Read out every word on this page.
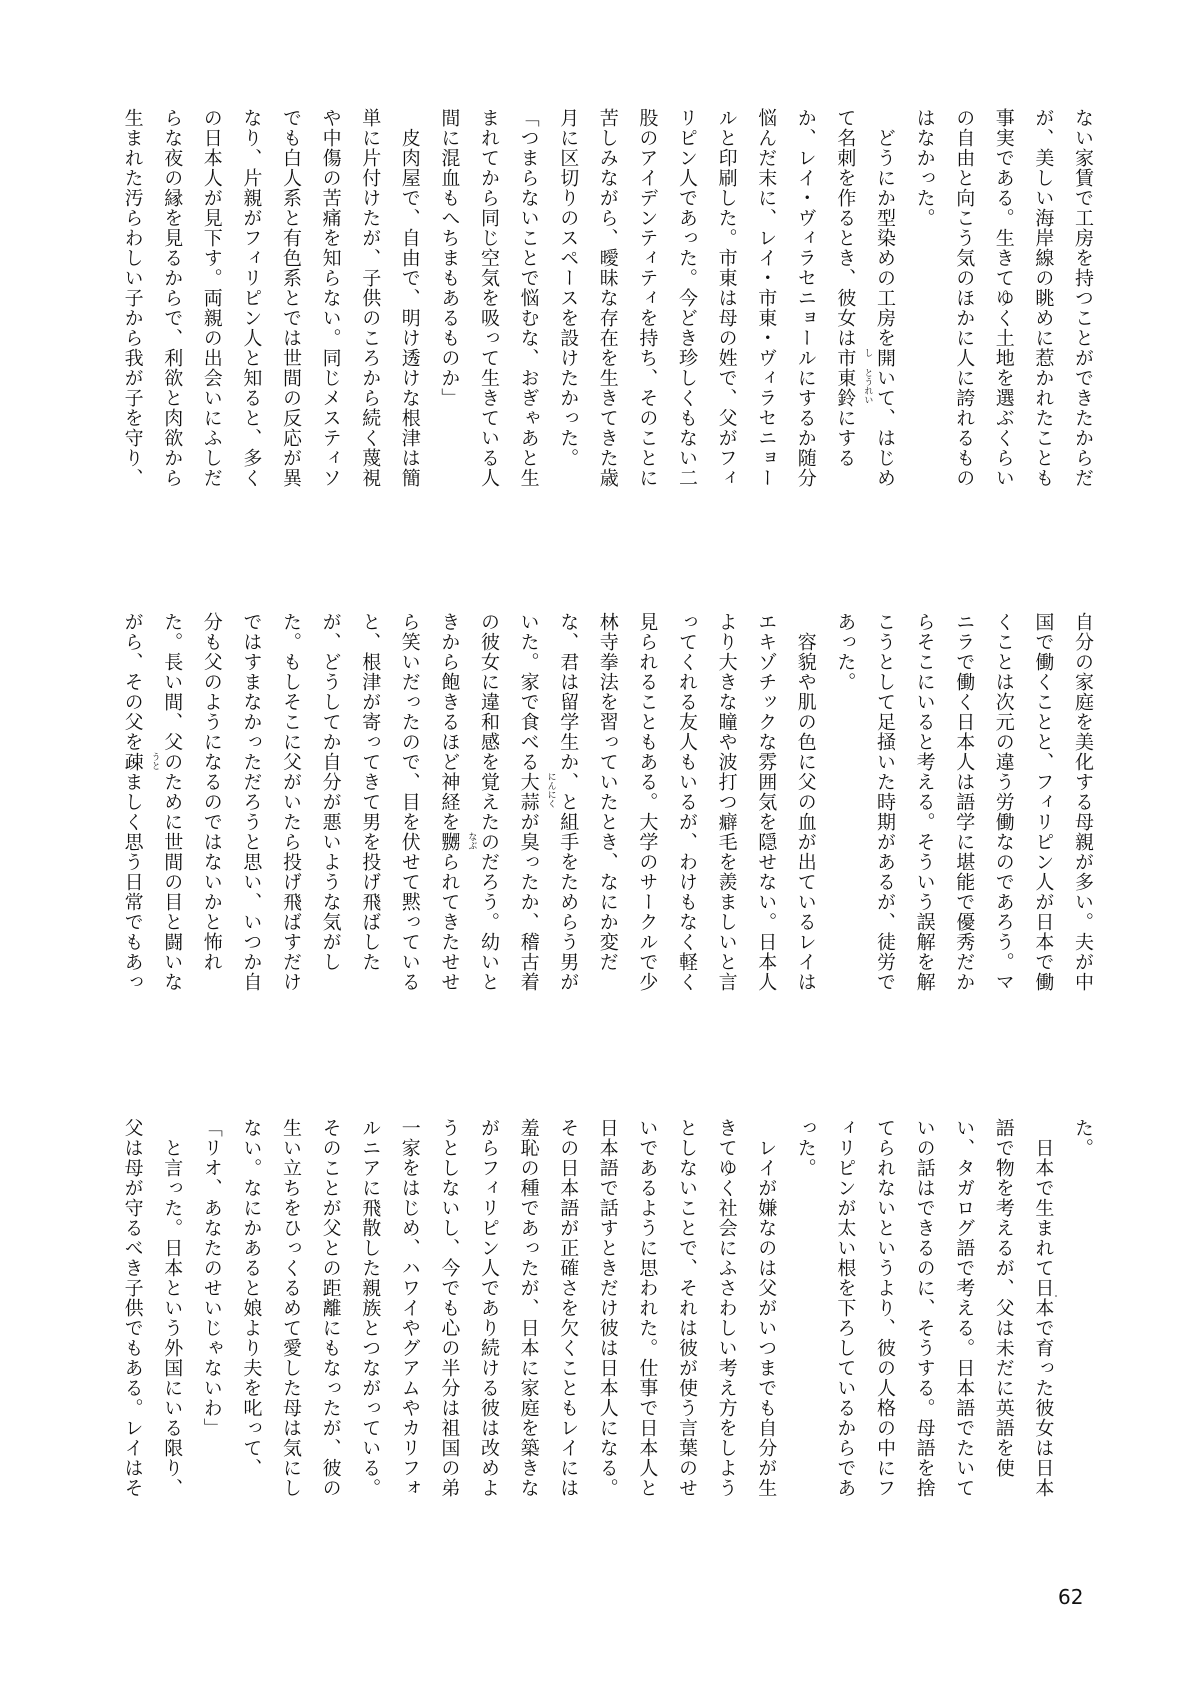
ない家賃で工房を持つことができたからだ
が、美しい海岸線の眺めに惹かれたことも
事実である。生きてゆく土地を選ぶくらい
の自由と向こう気のほかに人に誇れるもの
はなかった。
　どうにか型染めの工房を開いて、はじめ
て名刺を作るとき、彼女は市東鈴にする
か、レイ・ヴィラセニョールにするか随分
悩んだ末に、レイ・市東・ヴィラセニョー
ルと印刷した。市東は母の姓で、父がフィ
リピン人であった。今どき珍しくもない二
股のアイデンティティを持ち、そのことに
苦しみながら、曖昧な存在を生きてきた歳
月に区切りのスペースを設けたかった。
「つまらないことで悩むな、おぎゃあと生
まれてから同じ空気を吸って生きている人
間に混血もへちまもあるものか」
　皮肉屋で、自由で、明け透けな根津は簡
単に片付けたが、子供のころから続く蔑視
や中傷の苦痛を知らない。同じメスティソ
でも白人系と有色系とでは世間の反応が異
なり、片親がフィリピン人と知ると、多く
の日本人が見下す。両親の出会いにふしだ
らな夜の縁を見るからで、利欲と肉欲から
生まれた汚らわしい子から我が子を守り、	し
とうれい
自分の家庭を美化する母親が多い。夫が中
国で働くことと、フィリピン人が日本で働
くことは次元の違う労働なのであろう。マ
ニラで働く日本人は語学に堪能で優秀だか
らそこにいると考える。そういう誤解を解
こうとして足掻いた時期があるが、徒労で
あった。
　容貌や肌の色に父の血が出ているレイは
エキゾチックな雰囲気を隠せない。日本人
より大きな瞳や波打つ癖毛を羨ましいと言
ってくれる友人もいるが、わけもなく軽く
見られることもある。大学のサークルで少
林寺拳法を習っていたとき、なにか変だ
な、君は留学生か、と組手をためらう男が
いた。家で食べる大蒜が臭ったか、稽古着
の彼女に違和感を覚えたのだろう。幼いと
きから飽きるほど神経を嬲られてきたせせ
ら笑いだったので、目を伏せて黙っている
と、根津が寄ってきて男を投げ飛ばした
が、どうしてか自分が悪いような気がし
た。もしそこに父がいたら投げ飛ばすだけ
ではすまなかっただろうと思い、いつか自
分も父のようになるのではないかと怖れ
た。長い間、父のために世間の目と闘いな
がら、その父を疎ましく思う日常でもあっ	にんにく
なぶ
うと
た。
　日本で生まれて日本で育った彼女は日本
語で物を考えるが、父は未だに英語を使
い、タガログ語で考える。日本語でたいて
いの話はできるのに、そうする。母語を捨
てられないというより、彼の人格の中にフ
ィリピンが太い根を下ろしているからであ
った。
　レイが嫌なのは父がいつまでも自分が生
きてゆく社会にふさわしい考え方をしよう
としないことで、それは彼が使う言葉のせ
いであるように思われた。仕事で日本人と
日本語で話すときだけ彼は日本人になる。
その日本語が正確さを欠くこともレイには
羞恥の種であったが、日本に家庭を築きな
がらフィリピン人であり続ける彼は改めよ
うとしないし、今でも心の半分は祖国の弟
一家をはじめ、ハワイやグアムやカリフォ
ルニアに飛散した親族とつながっている。
そのことが父との距離にもなったが、彼の
生い立ちをひっくるめて愛した母は気にし
ない。なにかあると娘より夫を叱って、
「リオ、あなたのせいじゃないわ」
　と言った。日本という外国にいる限り、
父は母が守るべき子供でもある。レイはそ
62
